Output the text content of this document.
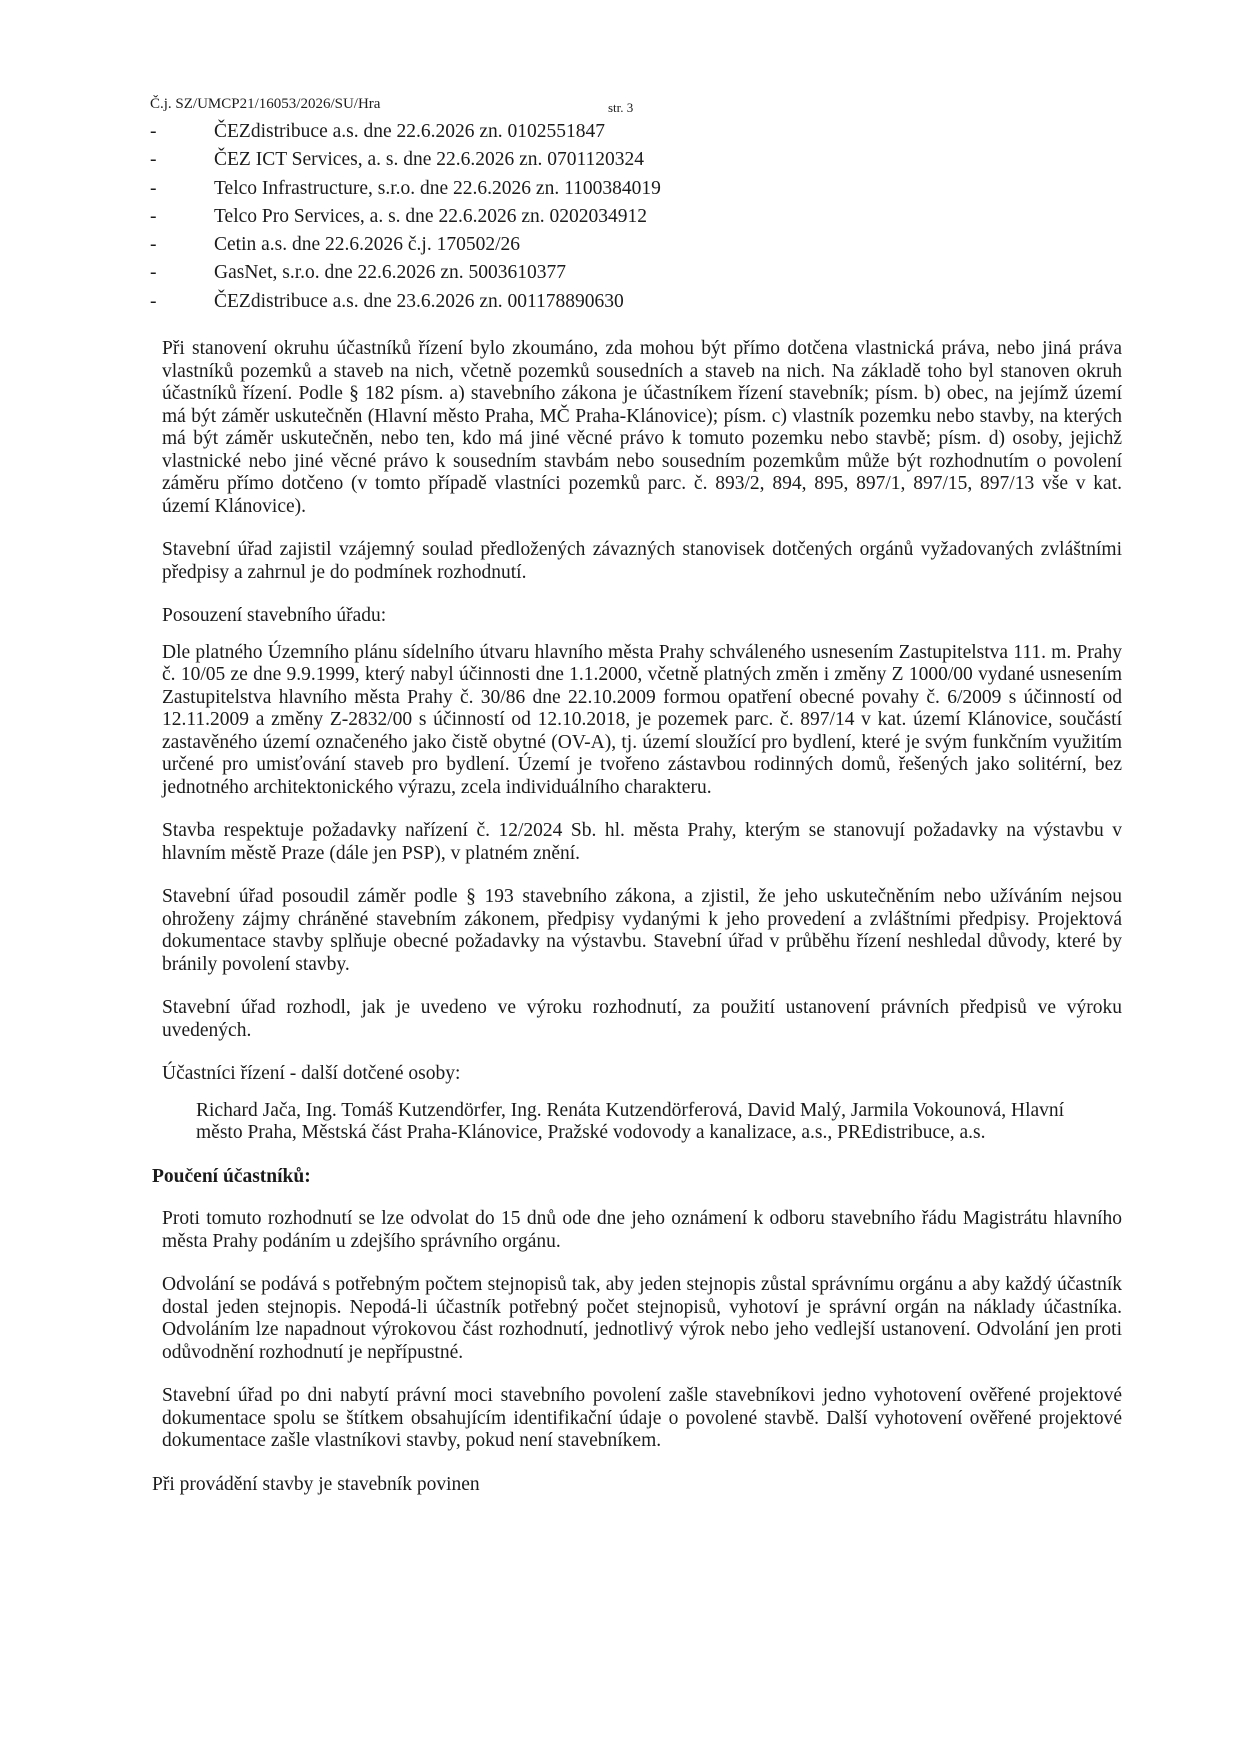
Č.j. SZ/UMCP21/16053/2026/SU/Hra	str. 3
-	ČEZdistribuce a.s. dne 22.6.2026 zn. 0102551847
-	ČEZ ICT Services, a. s. dne 22.6.2026 zn. 0701120324
-	Telco Infrastructure, s.r.o. dne 22.6.2026 zn. 1100384019
-	Telco Pro Services, a. s. dne 22.6.2026 zn. 0202034912
-	Cetin a.s. dne 22.6.2026 č.j. 170502/26
-	GasNet, s.r.o. dne 22.6.2026 zn. 5003610377
-	ČEZdistribuce a.s. dne 23.6.2026 zn. 001178890630

Při stanovení okruhu účastníků řízení bylo zkoumáno, zda mohou být přímo dotčena vlastnická práva, nebo jiná práva vlastníků pozemků a staveb na nich, včetně pozemků sousedních a staveb na nich. Na základě toho byl stanoven okruh účastníků řízení. Podle § 182 písm. a) stavebního zákona je účastníkem řízení stavebník; písm. b) obec, na jejímž území má být záměr uskutečněn (Hlavní město Praha, MČ Praha-Klánovice); písm. c) vlastník pozemku nebo stavby, na kterých má být záměr uskutečněn, nebo ten, kdo má jiné věcné právo k tomuto pozemku nebo stavbě; písm. d) osoby, jejichž vlastnické nebo jiné věcné právo k sousedním stavbám nebo sousedním pozemkům může být rozhodnutím o povolení záměru přímo dotčeno (v tomto případě vlastníci pozemků parc. č. 893/2, 894, 895, 897/1, 897/15, 897/13 vše v kat. území Klánovice).

Stavební úřad zajistil vzájemný soulad předložených závazných stanovisek dotčených orgánů vyžadovaných zvláštními předpisy a zahrnul je do podmínek rozhodnutí.

Posouzení stavebního úřadu:

Dle platného Územního plánu sídelního útvaru hlavního města Prahy schváleného usnesením Zastupitelstva 111. m. Prahy č. 10/05 ze dne 9.9.1999, který nabyl účinnosti dne 1.1.2000, včetně platných změn i změny Z 1000/00 vydané usnesením Zastupitelstva hlavního města Prahy č. 30/86 dne 22.10.2009 formou opatření obecné povahy č. 6/2009 s účinností od 12.11.2009 a změny Z-2832/00 s účinností od 12.10.2018, je pozemek parc. č. 897/14 v kat. území Klánovice, součástí zastavěného území označeného jako čistě obytné (OV-A), tj. území sloužící pro bydlení, které je svým funkčním využitím určené pro umisťování staveb pro bydlení. Území je tvořeno zástavbou rodinných domů, řešených jako solitérní, bez jednotného architektonického výrazu, zcela individuálního charakteru.

Stavba respektuje požadavky nařízení č. 12/2024 Sb. hl. města Prahy, kterým se stanovují požadavky na výstavbu v hlavním městě Praze (dále jen PSP), v platném znění.

Stavební úřad posoudil záměr podle § 193 stavebního zákona, a zjistil, že jeho uskutečněním nebo užíváním nejsou ohroženy zájmy chráněné stavebním zákonem, předpisy vydanými k jeho provedení a zvláštními předpisy. Projektová dokumentace stavby splňuje obecné požadavky na výstavbu. Stavební úřad v průběhu řízení neshledal důvody, které by bránily povolení stavby.

Stavební úřad rozhodl, jak je uvedeno ve výroku rozhodnutí, za použití ustanovení právních předpisů ve výroku uvedených.

Účastníci řízení - další dotčené osoby:

Richard Jača, Ing. Tomáš Kutzendörfer, Ing. Renáta Kutzendörferová, David Malý, Jarmila Vokounová, Hlavní město Praha, Městská část Praha-Klánovice, Pražské vodovody a kanalizace, a.s., PREdistribuce, a.s.

Poučení účastníků:

Proti tomuto rozhodnutí se lze odvolat do 15 dnů ode dne jeho oznámení k odboru stavebního řádu Magistrátu hlavního města Prahy podáním u zdejšího správního orgánu.

Odvolání se podává s potřebným počtem stejnopisů tak, aby jeden stejnopis zůstal správnímu orgánu a aby každý účastník dostal jeden stejnopis. Nepodá-li účastník potřebný počet stejnopisů, vyhotoví je správní orgán na náklady účastníka. Odvoláním lze napadnout výrokovou část rozhodnutí, jednotlivý výrok nebo jeho vedlejší ustanovení. Odvolání jen proti odůvodnění rozhodnutí je nepřípustné.

Stavební úřad po dni nabytí právní moci stavebního povolení zašle stavebníkovi jedno vyhotovení ověřené projektové dokumentace spolu se štítkem obsahujícím identifikační údaje o povolené stavbě. Další vyhotovení ověřené projektové dokumentace zašle vlastníkovi stavby, pokud není stavebníkem.

Při provádění stavby je stavebník povinen
